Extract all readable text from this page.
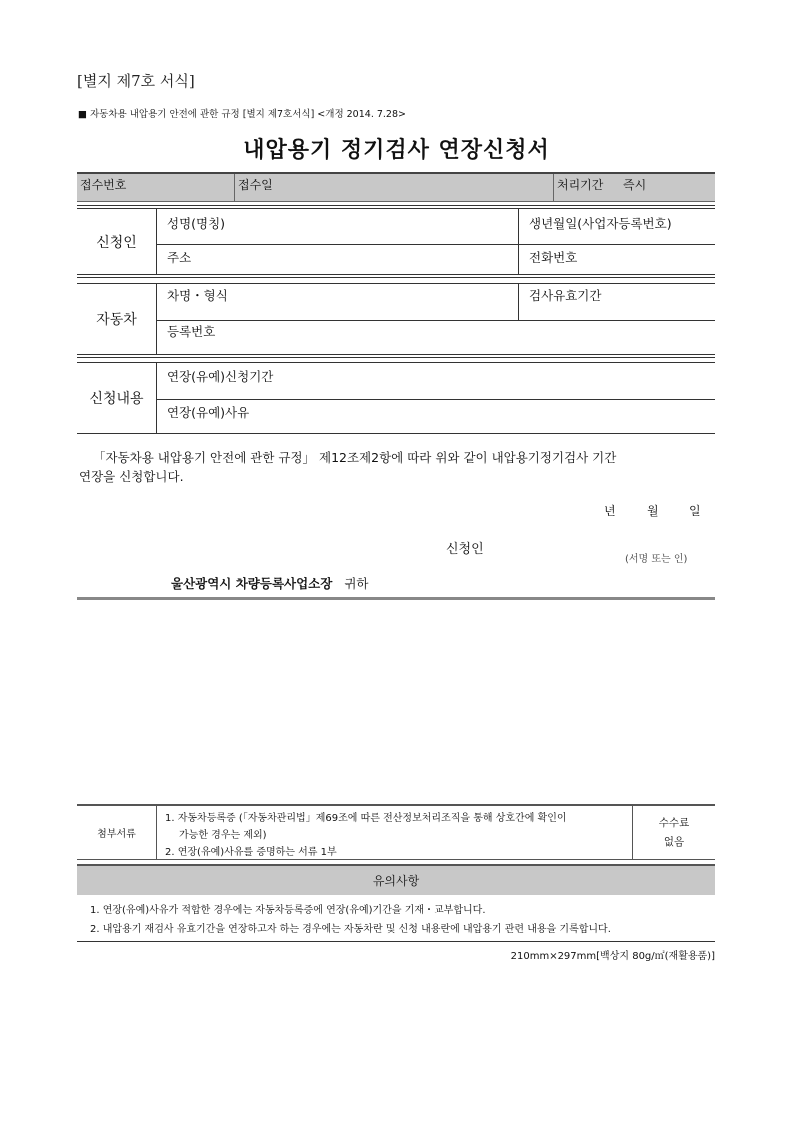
[별지 제7호 서식]
■ 자동차용 내압용기 안전에 관한 규정 [별지 제7호서식] <개정 2014. 7.28>
내압용기 정기검사 연장신청서
접수번호	접수일	처리기간 즉시
신청인
성명(명칭)	생년월일(사업자등록번호)
주소	전화번호
자동차
차명・형식	검사유효기간
등록번호
신청내용
연장(유예)신청기간
연장(유예)사유
「자동차용 내압용기 안전에 관한 규정」 제12조제2항에 따라 위와 같이 내압용기정기검사 기간
연장을 신청합니다.
년	월	일
신청인
(서명 또는 인)
울산광역시 차량등록사업소장 귀하
첨부서류
1. 자동차등록증 (「자동차관리법」제69조에 따른 전산정보처리조직을 통해 상호간에 확인이
가능한 경우는 제외)
2. 연장(유예)사유를 증명하는 서류 1부
수수료
없음
유의사항
1. 연장(유예)사유가 적합한 경우에는 자동차등록증에 연장(유예)기간을 기재・교부합니다.
2. 내압용기 재검사 유효기간을 연장하고자 하는 경우에는 자동차란 및 신청 내용란에 내압용기 관련 내용을 기록합니다.
210mm×297mm[백상지 80g/㎡(재활용품)]
